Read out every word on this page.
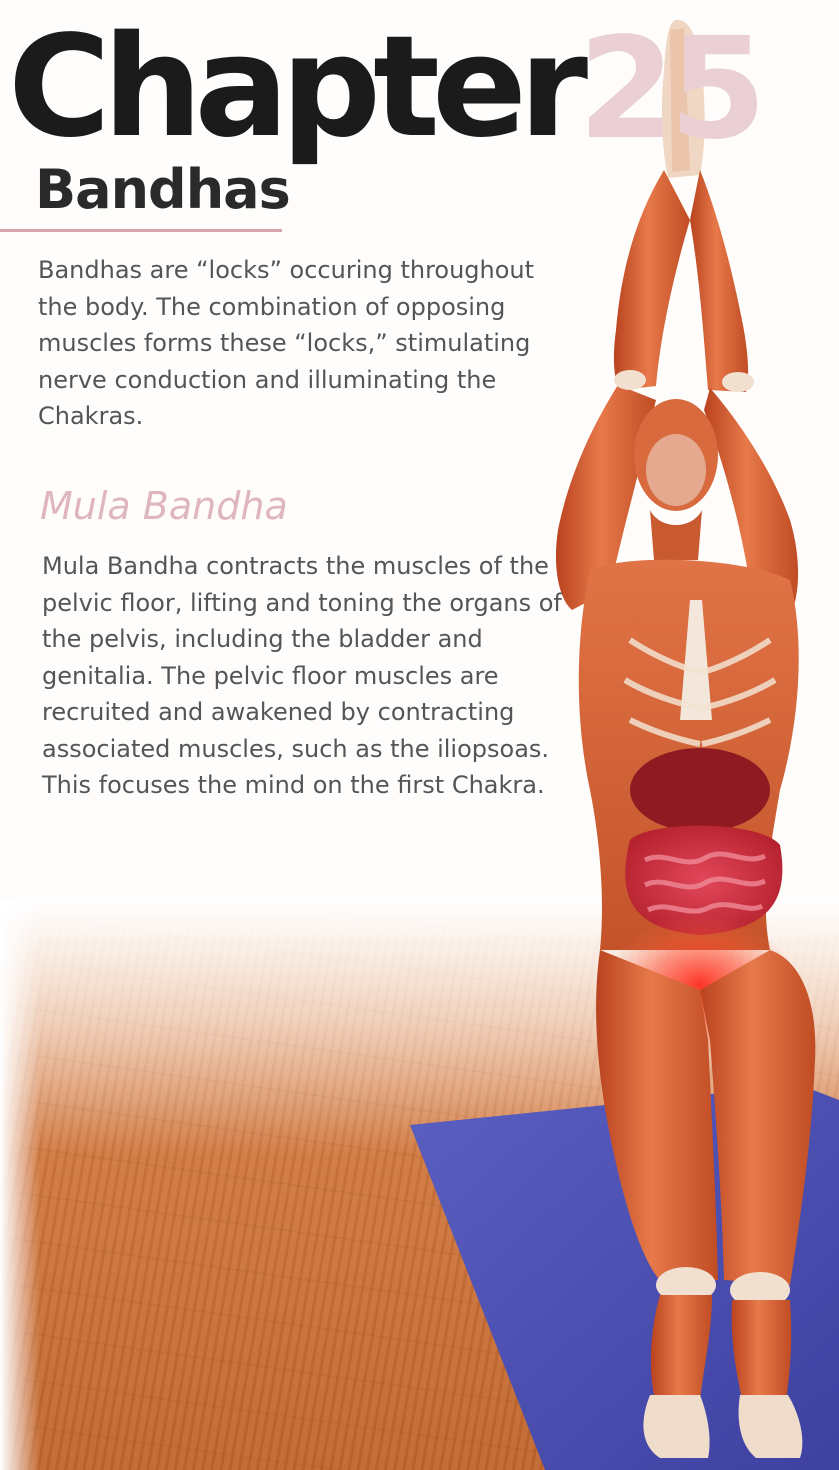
Chapter
25
Bandhas

Bandhas are “locks” occuring throughout the body. The combination of opposing muscles forms these “locks,” stimulating nerve conduction and illuminating the Chakras.

Mula Bandha

Mula Bandha contracts the muscles of the pelvic floor, lifting and toning the organs of the pelvis, including the bladder and genitalia. The pelvic floor muscles are recruited and awakened by contracting associated muscles, such as the iliopsoas. This focuses the mind on the first Chakra.
